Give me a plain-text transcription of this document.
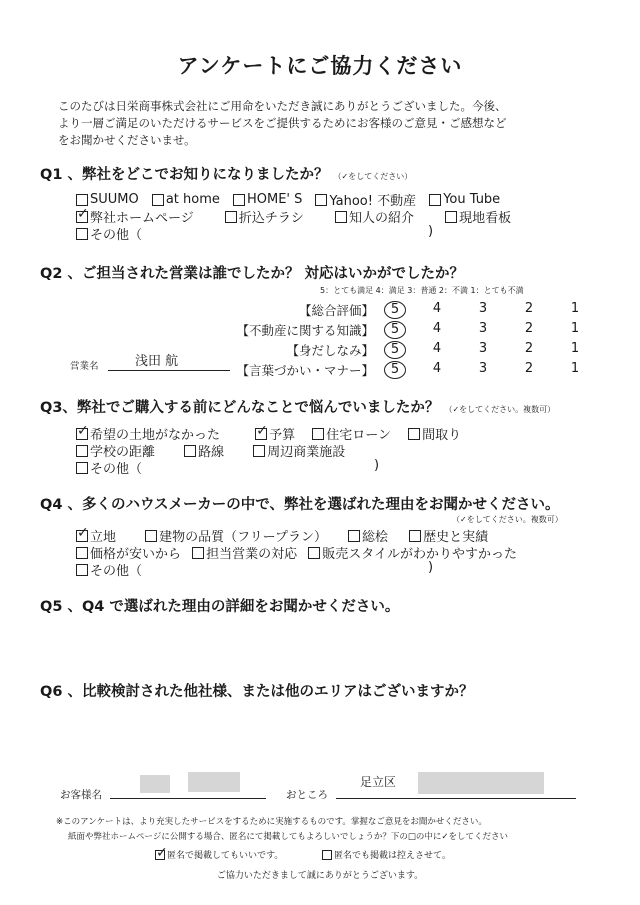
アンケートにご協力ください
このたびは日栄商事株式会社にご用命をいただき誠にありがとうございました。今後、
より一層ご満足のいただけるサービスをご提供するためにお客様のご意見・ご感想など
をお聞かせくださいませ。
Q1 、弊社をどこでお知りになりましたか？ （✓をしてください）
SUUMO
at home
HOME' S
Yahoo! 不動産
You Tube
✓
弊社ホームページ
	折込チラシ
	知人の紹介
	現地看板
その他（	)
Q2 、ご担当された営業は誰でしたか？ 対応はいかがでしたか？
5：とても満足 4：満足 3：普通 2：不満 1：とても不満
【総合評価】	5	4	3	2	1
【不動産に関する知識】	5	4	3	2	1
【身だしなみ】	5	4	3	2	1
【言葉づかい・マナー】	5	4	3	2	1
営業名	浅田 航
Q3、弊社でご購入する前にどんなことで悩んでいましたか？ （✓をしてください。複数可）
✓
希望の土地がなかった

✓	予算
住宅ローン
間取り
学校の距離
	路線
	周辺商業施設
その他（	)
Q4 、多くのハウスメーカーの中で、弊社を選ばれた理由をお聞かせください。
（✓をしてください。複数可）
✓
立地
	建物の品質（フリープラン）
	総桧
	歴史と実績
価格が安いから
担当営業の対応
販売スタイルがわかりやすかった
その他（	)
Q5 、Q4 で選ばれた理由の詳細をお聞かせください。
Q6 、比較検討された他社様、または他のエリアはございますか？
お客様名	おところ
足立区
※このアンケートは、より充実したサービスをするために実施するものです。掌握なご意見をお聞かせください。
紙面や弊社ホームページに公開する場合、匿名にて掲載してもよろしいでしょうか？下の□の中に✓をしてください
✓
匿名で掲載してもいいです。	匿名でも掲載は控えさせて。
ご協力いただきまして誠にありがとうございます。
